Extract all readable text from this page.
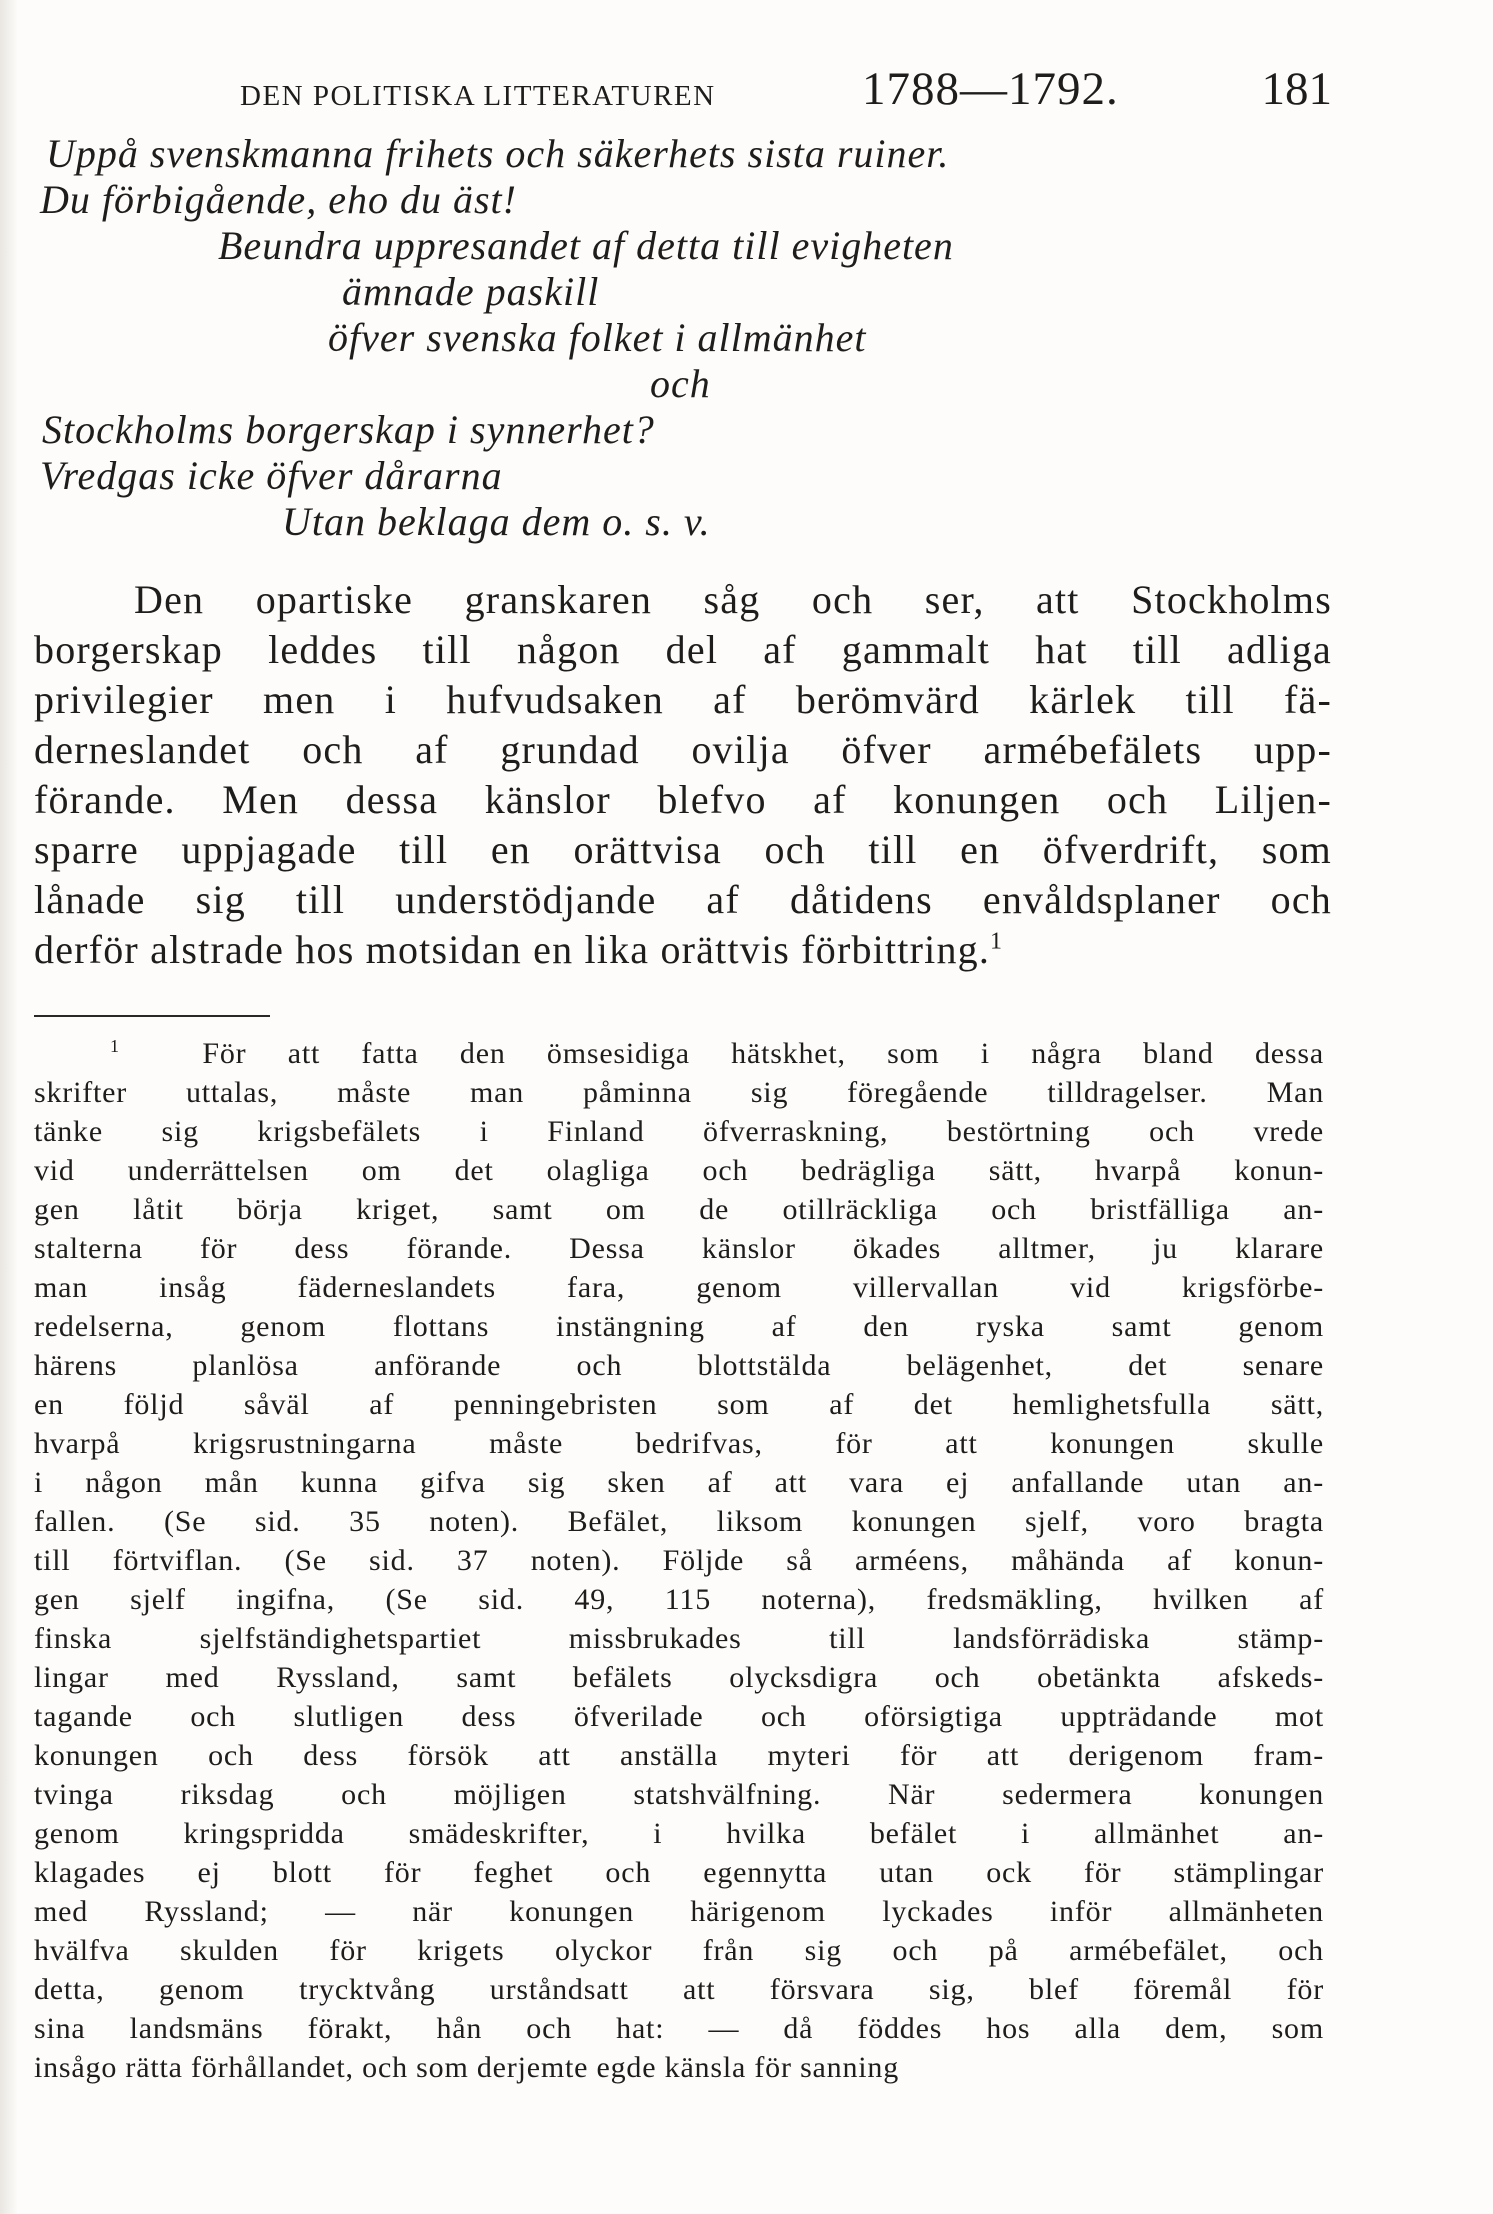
DEN POLITISKA LITTERATUREN	1788—1792.	181
Uppå svenskmanna frihets och säkerhets sista ruiner.
Du förbigående, eho du äst!
Beundra uppresandet af detta till evigheten
ämnade paskill
öfver svenska folket i allmänhet
och
Stockholms borgerskap i synnerhet?
Vredgas icke öfver dårarna
Utan beklaga dem o. s. v.
Den opartiske granskaren såg och ser, att Stockholms
borgerskap leddes till någon del af gammalt hat till adliga
privilegier men i hufvudsaken af berömvärd kärlek till fä-
derneslandet och af grundad ovilja öfver armébefälets upp-
förande. Men dessa känslor blefvo af konungen och Liljen-
sparre uppjagade till en orättvisa och till en öfverdrift, som
lånade sig till understödjande af dåtidens envåldsplaner och
derför alstrade hos motsidan en lika orättvis förbittring.$^1$
$^1$	För att fatta den ömsesidiga hätskhet, som i några bland dessa
skrifter uttalas, måste man påminna sig föregående tilldragelser. Man
tänke sig krigsbefälets i Finland öfverraskning, bestörtning och vrede
vid underrättelsen om det olagliga och bedrägliga sätt, hvarpå konun-
gen låtit börja kriget, samt om de otillräckliga och bristfälliga an-
stalterna för dess förande. Dessa känslor ökades alltmer, ju klarare
man insåg fäderneslandets fara, genom villervallan vid krigsförbe-
redelserna, genom flottans instängning af den ryska samt genom
härens planlösa anförande och blottstälda belägenhet, det senare
en följd såväl af penningebristen som af det hemlighetsfulla sätt,
hvarpå krigsrustningarna måste bedrifvas, för att konungen skulle
i någon mån kunna gifva sig sken af att vara ej anfallande utan an-
fallen. (Se sid. 35 noten). Befälet, liksom konungen sjelf, voro bragta
till förtviflan. (Se sid. 37 noten). Följde så arméens, måhända af konun-
gen sjelf ingifna, (Se sid. 49, 115 noterna), fredsmäkling, hvilken af
finska sjelfständighetspartiet missbrukades till landsförrädiska stämp-
lingar med Ryssland, samt befälets olycksdigra och obetänkta afskeds-
tagande och slutligen dess öfverilade och oförsigtiga uppträdande mot
konungen och dess försök att anställa myteri för att derigenom fram-
tvinga riksdag och möjligen statshvälfning. När sedermera konungen
genom kringspridda smädeskrifter, i hvilka befälet i allmänhet an-
klagades ej blott för feghet och egennytta utan ock för stämplingar
med Ryssland; — när konungen härigenom lyckades inför allmänheten
hvälfva skulden för krigets olyckor från sig och på armébefälet, och
detta, genom trycktvång urståndsatt att försvara sig, blef föremål för
sina landsmäns förakt, hån och hat: — då föddes hos alla dem, som
insågo rätta förhållandet, och som derjemte egde känsla för sanning
